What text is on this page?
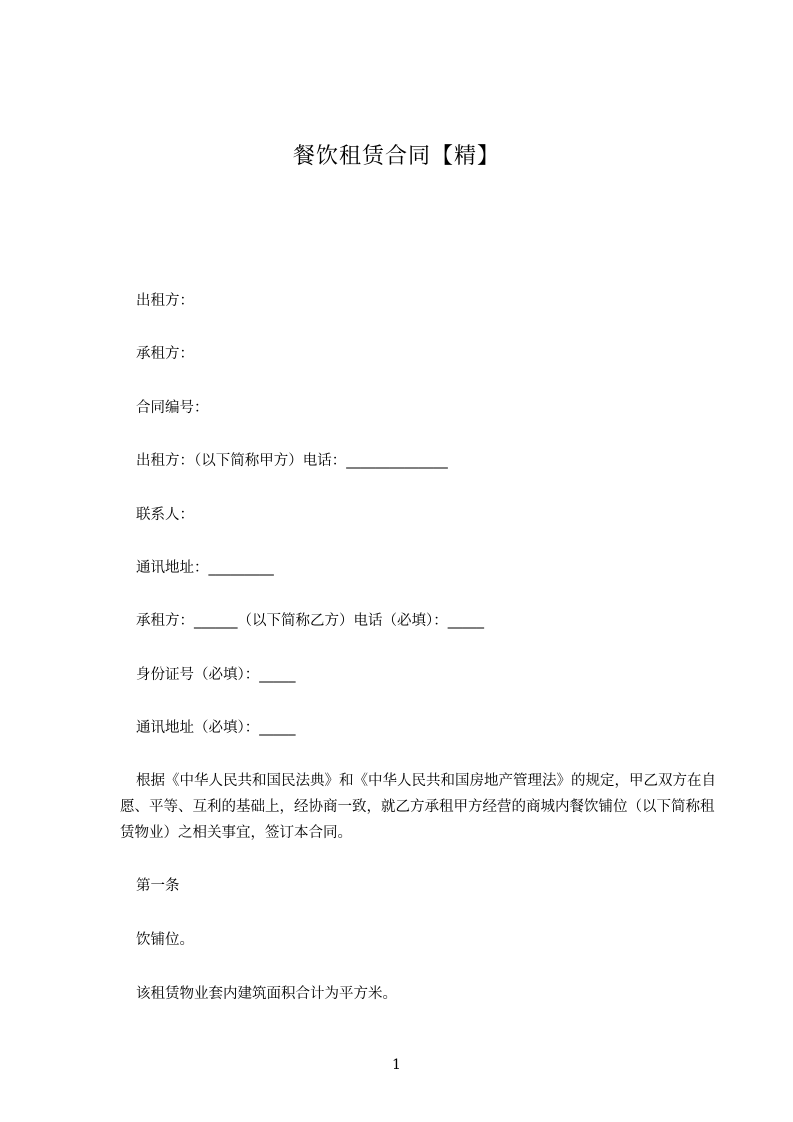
餐饮租赁合同【精】
出租方：
承租方：
合同编号：
出租方：（以下简称甲方）电话：______________
联系人：
通讯地址：_________
承租方：______（以下简称乙方）电话（必填）：_____
身份证号（必填）：_____
通讯地址（必填）：_____
根据《中华人民共和国民法典》和《中华人民共和国房地产管理法》的规定，甲乙双方在自愿、平等、互利的基础上，经协商一致，就乙方承租甲方经营的商城内餐饮铺位（以下简称租赁物业）之相关事宜，签订本合同。
第一条
饮铺位。
该租赁物业套内建筑面积合计为平方米。
1
